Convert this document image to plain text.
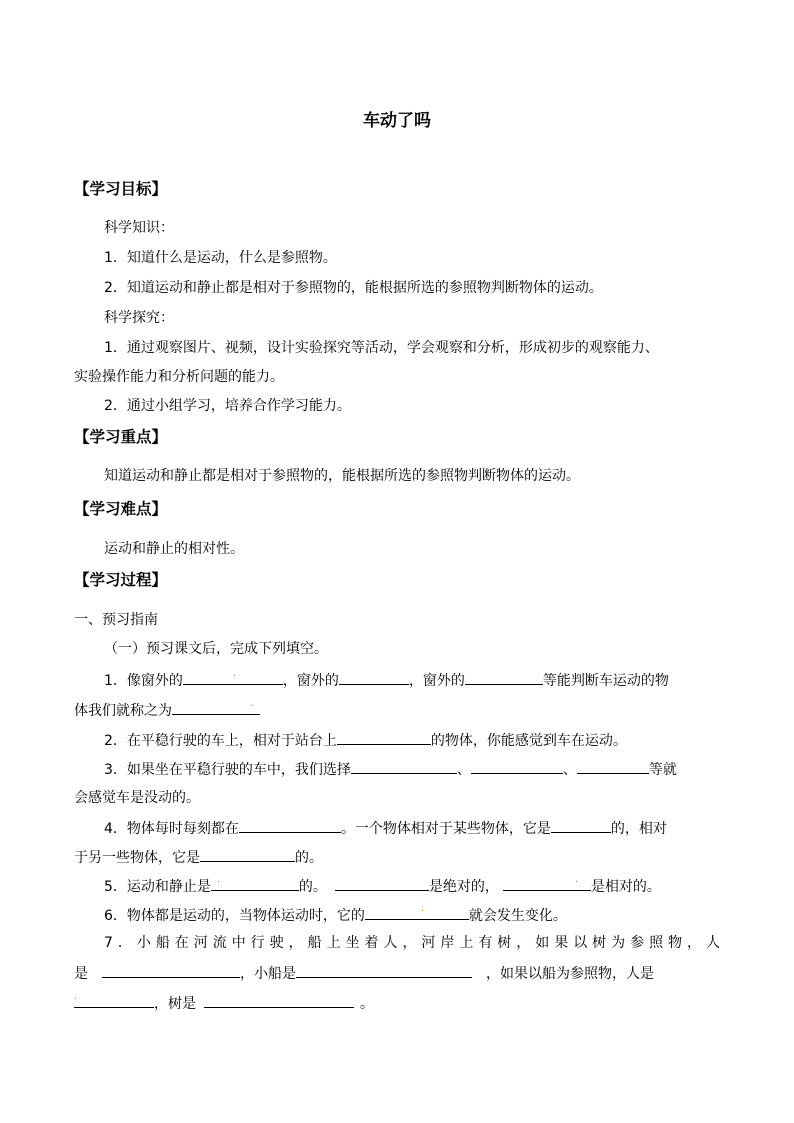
车动了吗
【学习目标】
科学知识：
1．知道什么是运动，什么是参照物。
2．知道运动和静止都是相对于参照物的，能根据所选的参照物判断物体的运动。
科学探究：
1．通过观察图片、视频，设计实验探究等活动，学会观察和分析，形成初步的观察能力、
实验操作能力和分析问题的能力。
2．通过小组学习，培养合作学习能力。
【学习重点】
知道运动和静止都是相对于参照物的，能根据所选的参照物判断物体的运动。
【学习难点】
运动和静止的相对性。
【学习过程】
一、预习指南
（一）预习课文后，完成下列填空。
1．像窗外的	.	，窗外的	，窗外的	等能判断车运动的物
体我们就称之为	.
2．在平稳行驶的车上，相对于站台上	的物体，你能感觉到车在运动。
3．如果坐在平稳行驶的车中，我们选择	、	、	等就
会感觉车是没动的。
4．物体每时每刻都在	。一个物体相对于某些物体，它是	的，相对
于另一些物体，它是	的。
5．运动和静止是 .	的。	是绝对的，	. 是相对的。
6．物体都是运动的，当物体运动时，它的	.	就会发生变化。
7．小船在河流中行驶，船上坐着人，河岸上有树，如果以树为参照物，人
是	，小船是	，如果以船为参照物，人是
.	，树是	。
